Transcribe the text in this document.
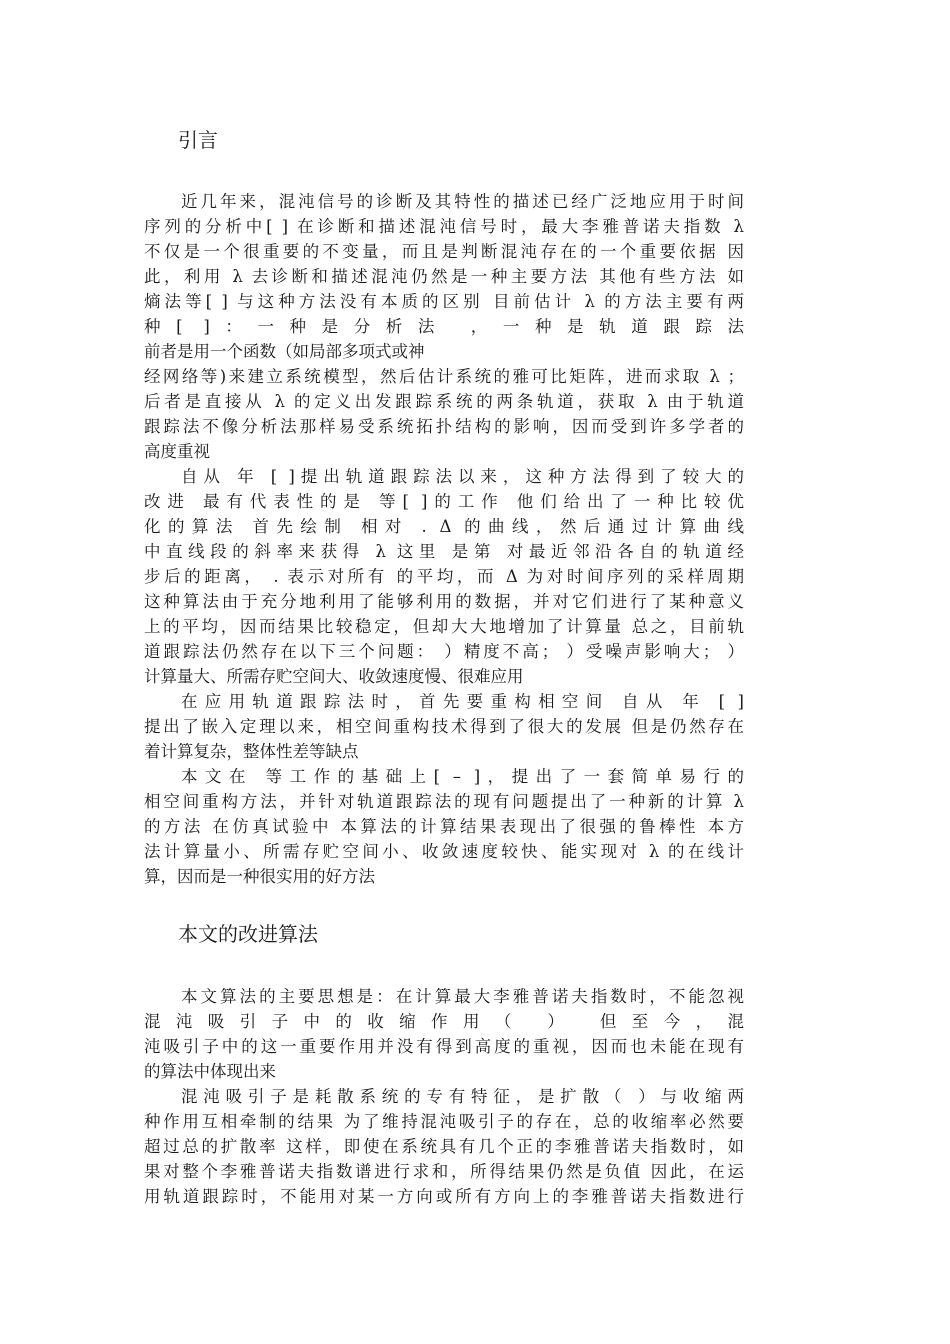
引言
近几年来，混沌信号的诊断及其特性的描述已经广泛地应用于时间
序列的分析中[ ] 在诊断和描述混沌信号时，最大李雅普诺夫指数 λ
不仅是一个很重要的不变量，而且是判断混沌存在的一个重要依据 因
此，利用 λ 去诊断和描述混沌仍然是一种主要方法 其他有些方法 如
熵法等[ ] 与这种方法没有本质的区别 目前估计 λ 的方法主要有两
种[ ]：一种是分析法 ，一种是轨道跟踪法
前者是用一个函数（如局部多项式或神
经网络等)来建立系统模型，然后估计系统的雅可比矩阵，进而求取 λ ；
后者是直接从 λ 的定义出发跟踪系统的两条轨道，获取 λ 由于轨道
跟踪法不像分析法那样易受系统拓扑结构的影响，因而受到许多学者的
高度重视
自从 年 [ ]提出轨道跟踪法以来，这种方法得到了较大的
改进 最有代表性的是 等[ ]的工作 他们给出了一种比较优
化的算法 首先绘制 相对 . Δ 的曲线，然后通过计算曲线
中直线段的斜率来获得 λ 这里 是第 对最近邻沿各自的轨道经
步后的距离， . 表示对所有 的平均，而 Δ 为对时间序列的采样周期
这种算法由于充分地利用了能够利用的数据，并对它们进行了某种意义
上的平均，因而结果比较稳定，但却大大地增加了计算量 总之，目前轨
道跟踪法仍然存在以下三个问题： ）精度不高； ）受噪声影响大； ）
计算量大、所需存贮空间大、收敛速度慢、很难应用
在应用轨道跟踪法时，首先要重构相空间 自从 年 [ ]
提出了嵌入定理以来，相空间重构技术得到了很大的发展 但是仍然存在
着计算复杂，整体性差等缺点
本文在 等工作的基础上[ – ]，提出了一套简单易行的
相空间重构方法，并针对轨道跟踪法的现有问题提出了一种新的计算 λ
的方法 在仿真试验中 本算法的计算结果表现出了很强的鲁棒性 本方
法计算量小、所需存贮空间小、收敛速度较快、能实现对 λ 的在线计
算，因而是一种很实用的好方法
本文的改进算法
本文算法的主要思想是：在计算最大李雅普诺夫指数时，不能忽视
混沌吸引子中的收缩作用（ ） 但至今，混
沌吸引子中的这一重要作用并没有得到高度的重视，因而也未能在现有
的算法中体现出来
混沌吸引子是耗散系统的专有特征，是扩散（ ）与收缩两
种作用互相牵制的结果 为了维持混沌吸引子的存在，总的收缩率必然要
超过总的扩散率 这样，即使在系统具有几个正的李雅普诺夫指数时，如
果对整个李雅普诺夫指数谱进行求和，所得结果仍然是负值 因此，在运
用轨道跟踪时，不能用对某一方向或所有方向上的李雅普诺夫指数进行
